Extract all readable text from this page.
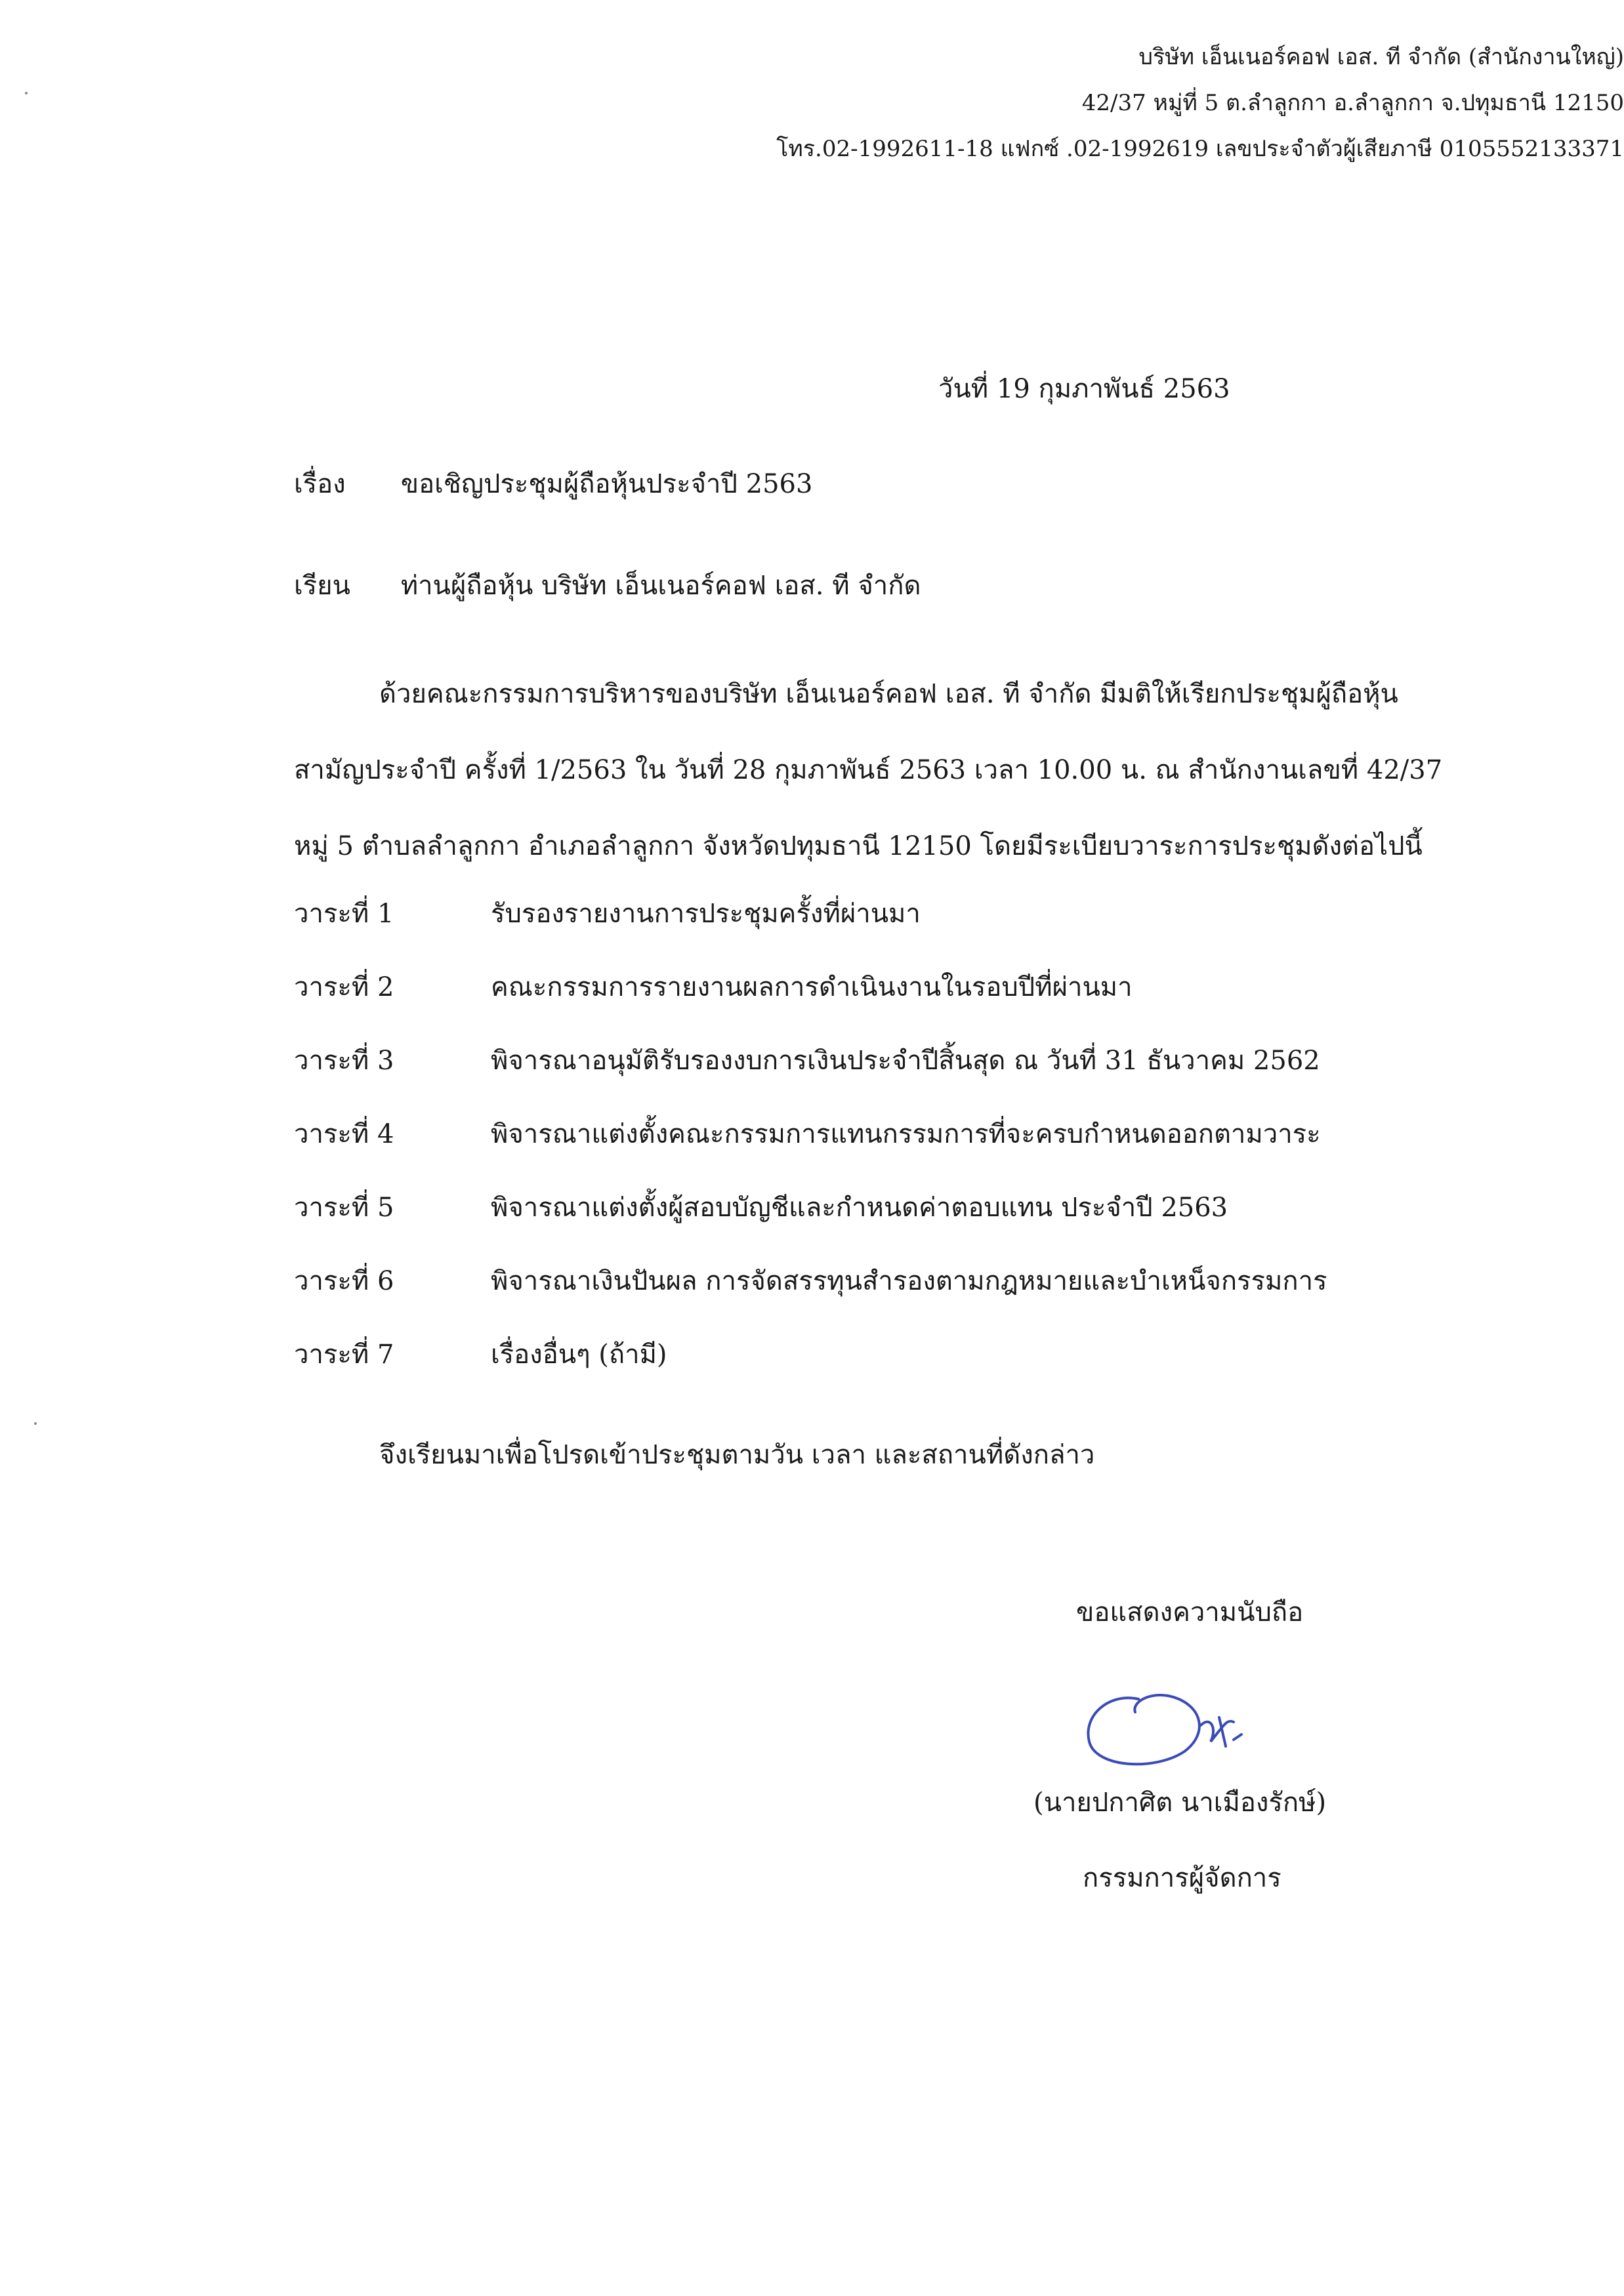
บริษัท เอ็นเนอร์คอฟ เอส. ที จำกัด (สำนักงานใหญ่)
42/37 หมู่ที่ 5 ต.ลำลูกกา อ.ลำลูกกา จ.ปทุมธานี 12150
โทร.02-1992611-18 แฟกซ์ .02-1992619 เลขประจำตัวผู้เสียภาษี 0105552133371
วันที่ 19 กุมภาพันธ์ 2563
เรื่อง ขอเชิญประชุมผู้ถือหุ้นประจำปี 2563
เรียน ท่านผู้ถือหุ้น บริษัท เอ็นเนอร์คอฟ เอส. ที จำกัด
ด้วยคณะกรรมการบริหารของบริษัท เอ็นเนอร์คอฟ เอส. ที จำกัด มีมติให้เรียกประชุมผู้ถือหุ้น
สามัญประจำปี ครั้งที่ 1/2563 ใน วันที่ 28 กุมภาพันธ์ 2563 เวลา 10.00 น. ณ สำนักงานเลขที่ 42/37
หมู่ 5 ตำบลลำลูกกา อำเภอลำลูกกา จังหวัดปทุมธานี 12150 โดยมีระเบียบวาระการประชุมดังต่อไปนี้
วาระที่ 1	รับรองรายงานการประชุมครั้งที่ผ่านมา
วาระที่ 2	คณะกรรมการรายงานผลการดำเนินงานในรอบปีที่ผ่านมา
วาระที่ 3	พิจารณาอนุมัติรับรองงบการเงินประจำปีสิ้นสุด ณ วันที่ 31 ธันวาคม 2562
วาระที่ 4	พิจารณาแต่งตั้งคณะกรรมการแทนกรรมการที่จะครบกำหนดออกตามวาระ
วาระที่ 5	พิจารณาแต่งตั้งผู้สอบบัญชีและกำหนดค่าตอบแทน ประจำปี 2563
วาระที่ 6	พิจารณาเงินปันผล การจัดสรรทุนสำรองตามกฎหมายและบำเหน็จกรรมการ
วาระที่ 7	เรื่องอื่นๆ (ถ้ามี)
จึงเรียนมาเพื่อโปรดเข้าประชุมตามวัน เวลา และสถานที่ดังกล่าว
ขอแสดงความนับถือ
(นายปกาศิต นาเมืองรักษ์)
กรรมการผู้จัดการ
